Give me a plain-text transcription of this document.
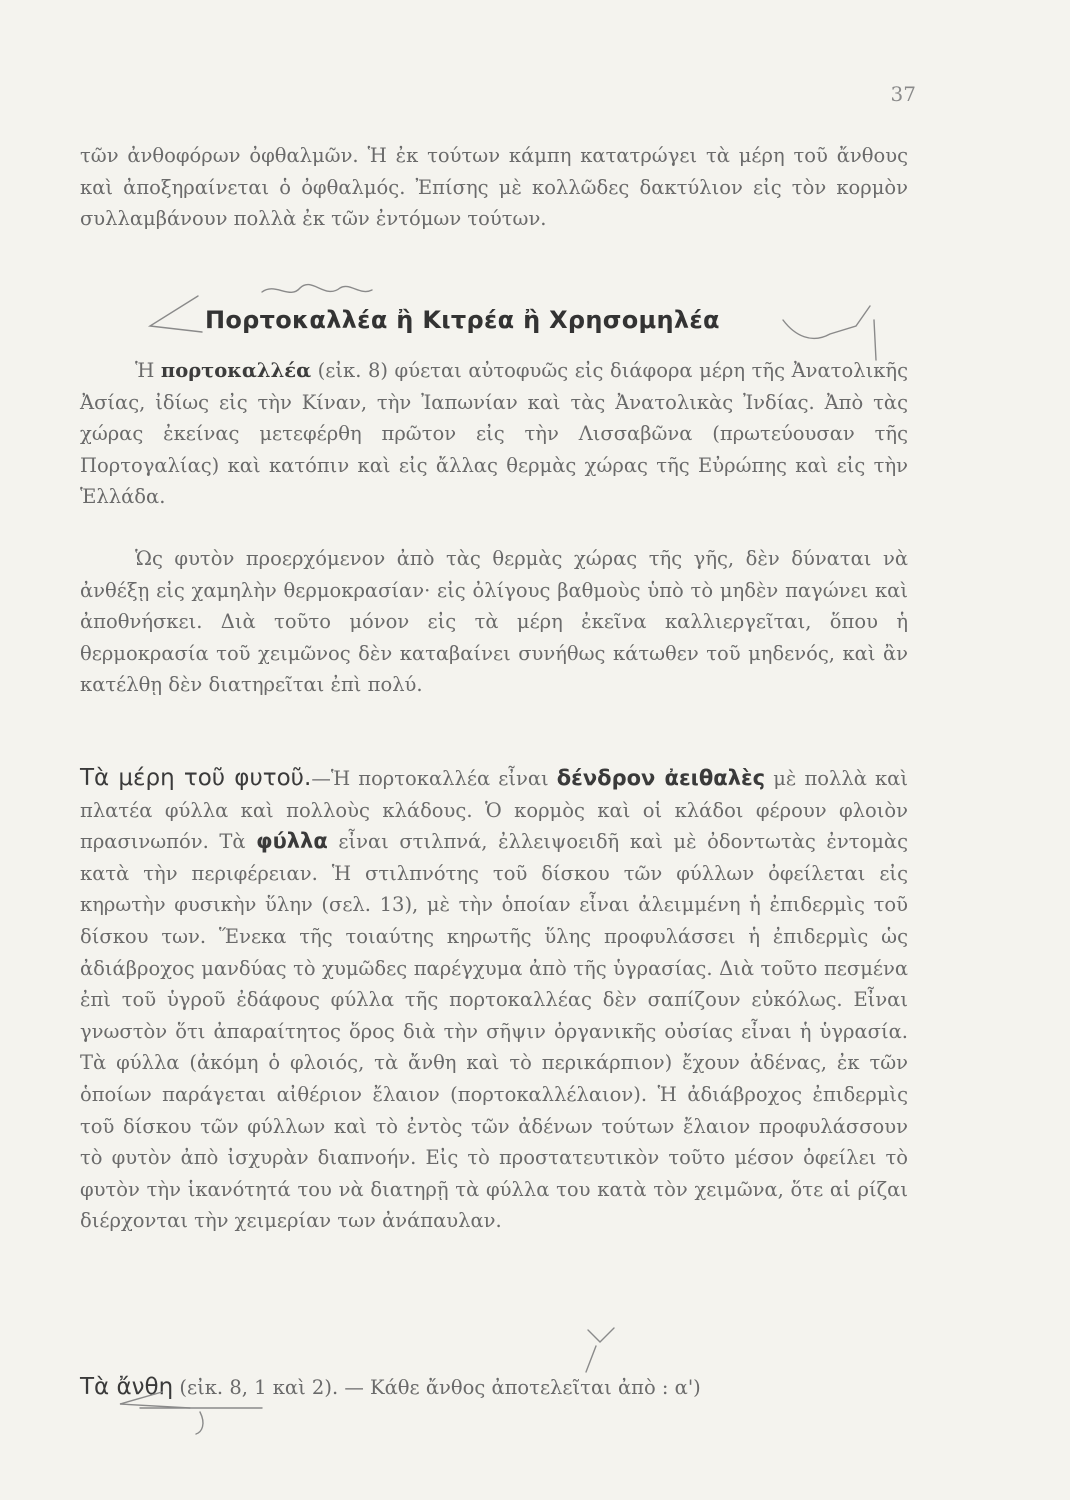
37
τῶν ἀνθοφόρων ὀφθαλμῶν. Ἡ ἐκ τούτων κάμπη κατατρώγει τὰ μέρη τοῦ ἄνθους καὶ ἀποξηραίνεται ὁ ὀφθαλμός. Ἐπίσης μὲ κολλῶδες δακτύλιον εἰς τὸν κορμὸν συλλαμβάνουν πολλὰ ἐκ τῶν ἐντόμων τούτων.
Πορτοκαλλέα ἢ Κιτρέα ἢ Χρησομηλέα
Ἡ πορτοκαλλέα (εἰκ. 8) φύεται αὐτοφυῶς εἰς διάφορα μέρη τῆς Ἀνατολικῆς Ἀσίας, ἰδίως εἰς τὴν Κίναν, τὴν Ἰαπωνίαν καὶ τὰς Ἀνατολικὰς Ἰνδίας. Ἀπὸ τὰς χώρας ἐκείνας μετεφέρθη πρῶτον εἰς τὴν Λισσαβῶνα (πρωτεύουσαν τῆς Πορτογαλίας) καὶ κατόπιν καὶ εἰς ἄλλας θερμὰς χώρας τῆς Εὐρώπης καὶ εἰς τὴν Ἑλλάδα.
Ὡς φυτὸν προερχόμενον ἀπὸ τὰς θερμὰς χώρας τῆς γῆς, δὲν δύναται νὰ ἀνθέξῃ εἰς χαμηλὴν θερμοκρασίαν· εἰς ὀλίγους βαθμοὺς ὑπὸ τὸ μηδὲν παγώνει καὶ ἀποθνήσκει. Διὰ τοῦτο μόνον εἰς τὰ μέρη ἐκεῖνα καλλιεργεῖται, ὅπου ἡ θερμοκρασία τοῦ χειμῶνος δὲν καταβαίνει συνήθως κάτωθεν τοῦ μηδενός, καὶ ἂν κατέλθῃ δὲν διατηρεῖται ἐπὶ πολύ.
Τὰ μέρη τοῦ φυτοῦ.—Ἡ πορτοκαλλέα εἶναι δένδρον ἀειθαλὲς μὲ πολλὰ καὶ πλατέα φύλλα καὶ πολλοὺς κλάδους. Ὁ κορμὸς καὶ οἱ κλάδοι φέρουν φλοιὸν πρασινωπόν. Τὰ φύλλα εἶναι στιλπνά, ἐλλειψοειδῆ καὶ μὲ ὀδοντωτὰς ἐντομὰς κατὰ τὴν περιφέρειαν. Ἡ στιλπνότης τοῦ δίσκου τῶν φύλλων ὀφείλεται εἰς κηρωτὴν φυσικὴν ὕλην (σελ. 13), μὲ τὴν ὁποίαν εἶναι ἀλειμμένη ἡ ἐπιδερμὶς τοῦ δίσκου των. Ἕνεκα τῆς τοιαύτης κηρωτῆς ὕλης προφυλάσσει ἡ ἐπιδερμὶς ὡς ἀδιάβροχος μανδύας τὸ χυμῶδες παρέγχυμα ἀπὸ τῆς ὑγρασίας. Διὰ τοῦτο πεσμένα ἐπὶ τοῦ ὑγροῦ ἐδάφους φύλλα τῆς πορτοκαλλέας δὲν σαπίζουν εὐκόλως. Εἶναι γνωστὸν ὅτι ἀπαραίτητος ὅρος διὰ τὴν σῆψιν ὀργανικῆς οὐσίας εἶναι ἡ ὑγρασία. Τὰ φύλλα (ἀκόμη ὁ φλοιός, τὰ ἄνθη καὶ τὸ περικάρπιον) ἔχουν ἀδένας, ἐκ τῶν ὁποίων παράγεται αἰθέριον ἔλαιον (πορτοκαλλέλαιον). Ἡ ἀδιάβροχος ἐπιδερμὶς τοῦ δίσκου τῶν φύλλων καὶ τὸ ἐντὸς τῶν ἀδένων τούτων ἔλαιον προφυλάσσουν τὸ φυτὸν ἀπὸ ἰσχυρὰν διαπνοήν. Εἰς τὸ προστατευτικὸν τοῦτο μέσον ὀφείλει τὸ φυτὸν τὴν ἱκανότητά του νὰ διατηρῇ τὰ φύλλα του κατὰ τὸν χειμῶνα, ὅτε αἱ ρίζαι διέρχονται τὴν χειμερίαν των ἀνάπαυλαν.
Τὰ ἄνθη (εἰκ. 8, 1 καὶ 2). — Κάθε ἄνθος ἀποτελεῖται ἀπὸ : α')
